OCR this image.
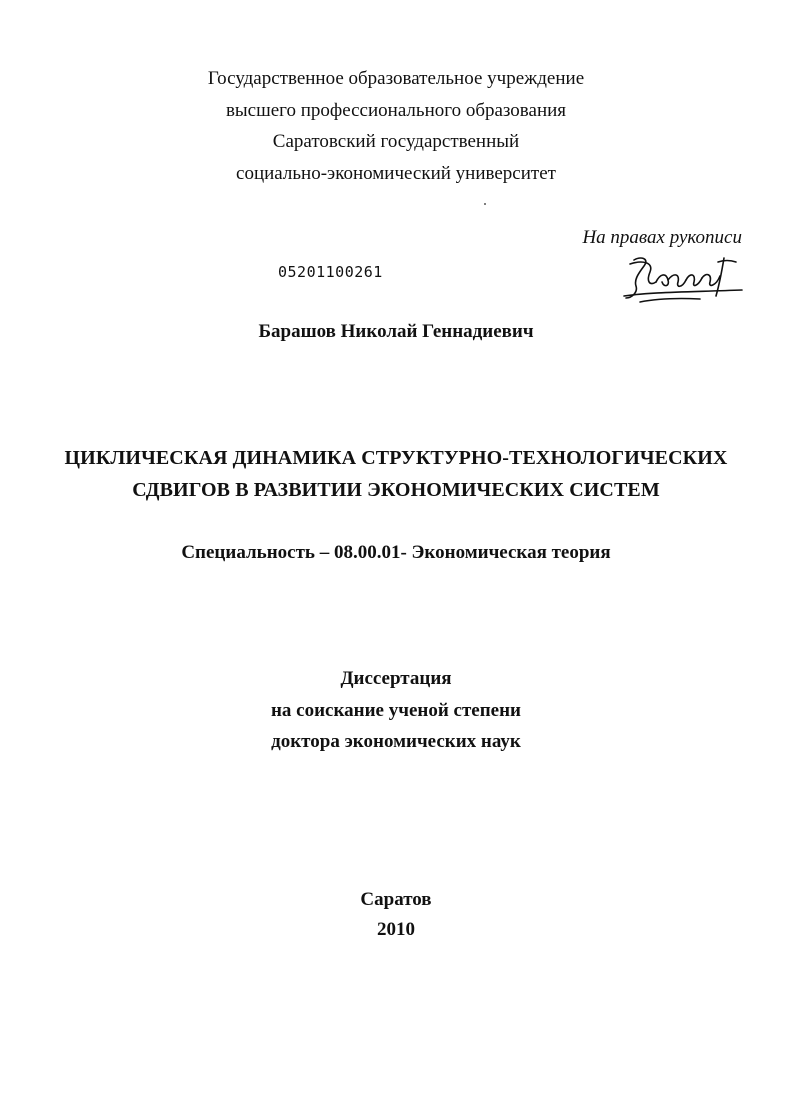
Государственное образовательное учреждение
высшего профессионального образования
Саратовский государственный
социально-экономический университет
На правах рукописи
05201100261
Барашов Николай Геннадиевич
ЦИКЛИЧЕСКАЯ ДИНАМИКА СТРУКТУРНО-ТЕХНОЛОГИЧЕСКИХ
СДВИГОВ В РАЗВИТИИ ЭКОНОМИЧЕСКИХ СИСТЕМ
Специальность – 08.00.01- Экономическая теория
Диссертация
на соискание ученой степени
доктора экономических наук
Саратов
2010
